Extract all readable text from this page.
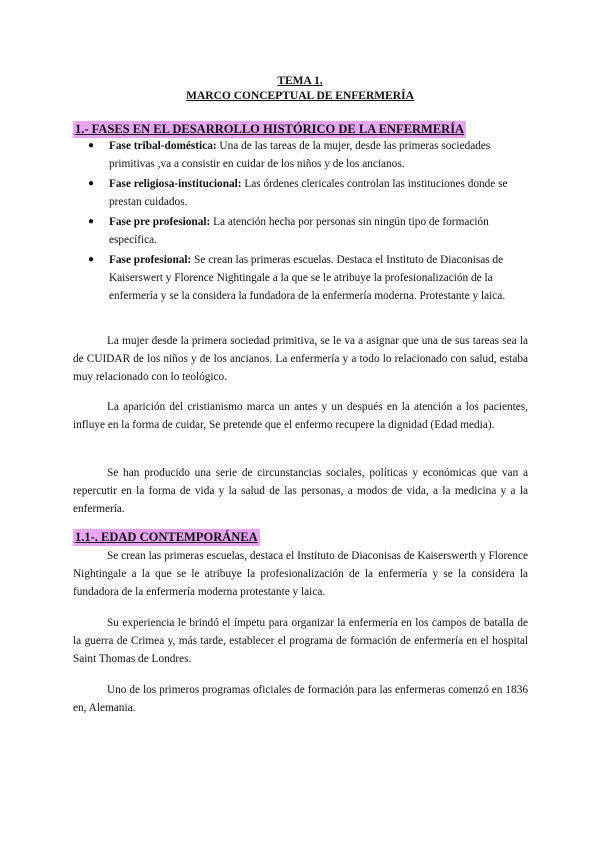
TEMA 1.
MARCO CONCEPTUAL DE ENFERMERÍA
1.- FASES EN EL DESARROLLO HISTÓRICO DE LA ENFERMERÍA
● Fase tribal-doméstica: Una de las tareas de la mujer, desde las primeras sociedades primitivas ,va a consistir en cuidar de los niños y de los ancianos.
● Fase religiosa-institucional: Las órdenes clericales controlan las instituciones donde se prestan cuidados.
● Fase pre profesional: La atención hecha por personas sin ningún tipo de formación específica.
● Fase profesional: Se crean las primeras escuelas. Destaca el Instituto de Diaconisas de Kaiserswert y Florence Nightingale a la que se le atribuye la profesionalización de la enfermería y se la considera la fundadora de la enfermería moderna. Protestante y laica.

La mujer desde la primera sociedad primitiva, se le va a asignar que una de sus tareas sea la de CUIDAR de los niños y de los ancianos. La enfermería y a todo lo relacionado con salud, estaba muy relacionado con lo teológico.

La aparición del cristianismo marca un antes y un después en la atención a los pacientes, influye en la forma de cuidar, Se pretende que el enfermo recupere la dignidad (Edad media).

Se han producido una serie de circunstancias sociales, políticas y económicas que van a repercutir en la forma de vida y la salud de las personas, a modos de vida, a la medicina y a la enfermería.

1.1-. EDAD CONTEMPORÁNEA

Se crean las primeras escuelas, destaca el Instituto de Diaconisas de Kaiserswerth y Florence Nightingale a la que se le atribuye la profesionalización de la enfermería y se la considera la fundadora de la enfermería moderna protestante y laica.

Su experiencia le brindó el ímpetu para organizar la enfermería en los campos de batalla de la guerra de Crimea y, más tarde, establecer el programa de formación de enfermería en el hospital Saint Thomas de Londres.

Uno de los primeros programas oficiales de formación para las enfermeras comenzó en 1836 en, Alemania.
